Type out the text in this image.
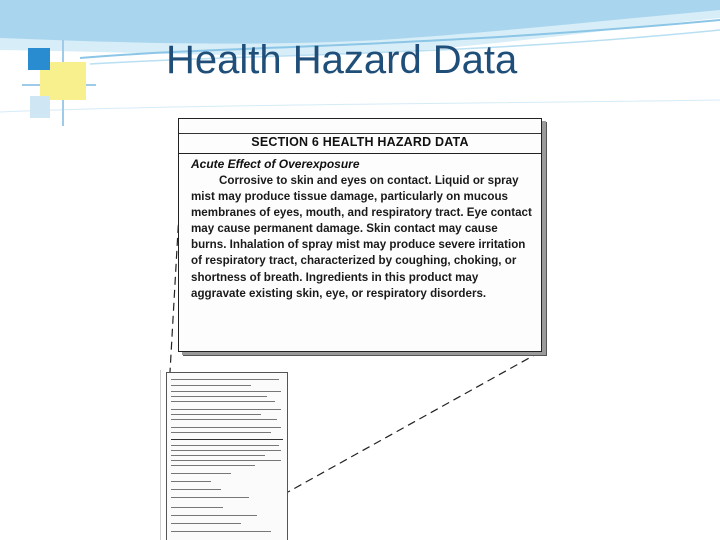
Health Hazard Data
SECTION 6 HEALTH HAZARD DATA
Acute Effect of Overexposure

Corrosive to skin and eyes on contact. Liquid or spray mist may produce tissue damage, particularly on mucous membranes of eyes, mouth, and respiratory tract. Eye contact may cause permanent damage. Skin contact may cause burns. Inhalation of spray mist may produce severe irritation of respiratory tract, characterized by coughing, choking, or shortness of breath. Ingredients in this product may aggravate existing skin, eye, or respiratory disorders.
